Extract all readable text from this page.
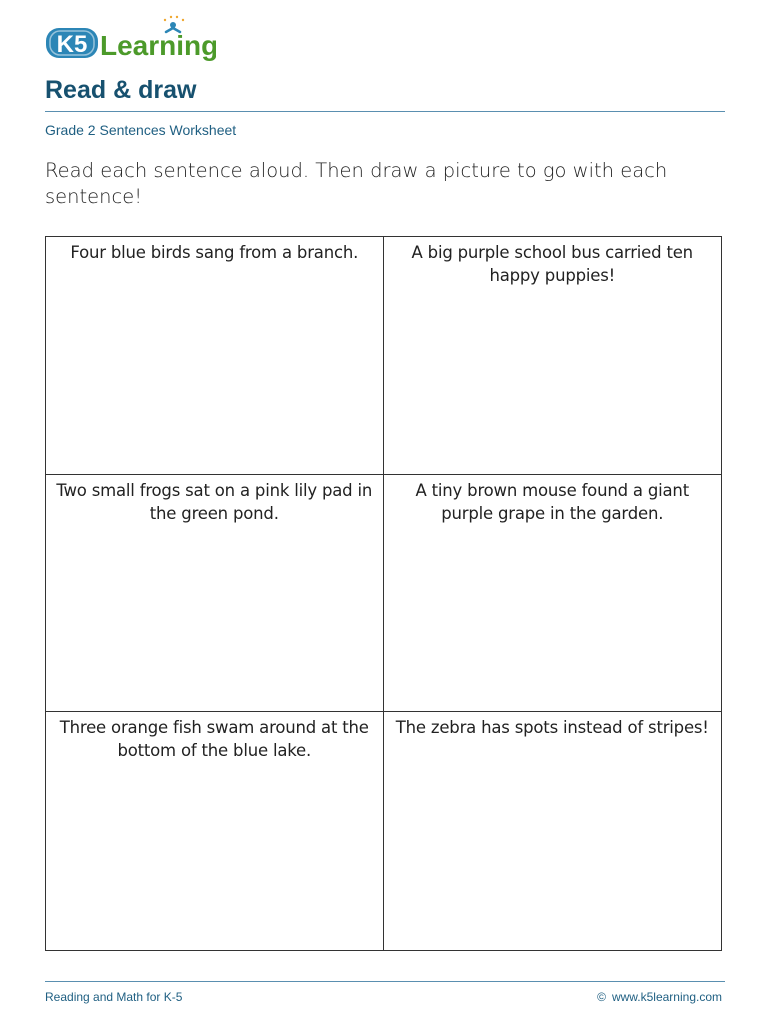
K5 Learning
Read & draw
Grade 2 Sentences Worksheet

Read each sentence aloud. Then draw a picture to go with each sentence!

Four blue birds sang from a branch.	A big purple school bus carried ten happy puppies!
Two small frogs sat on a pink lily pad in the green pond.
A tiny brown mouse found a giant purple grape in the garden.
Three orange fish swam around at the bottom of the blue lake.
The zebra has spots instead of stripes!
Reading and Math for K-5	© www.k5learning.com
